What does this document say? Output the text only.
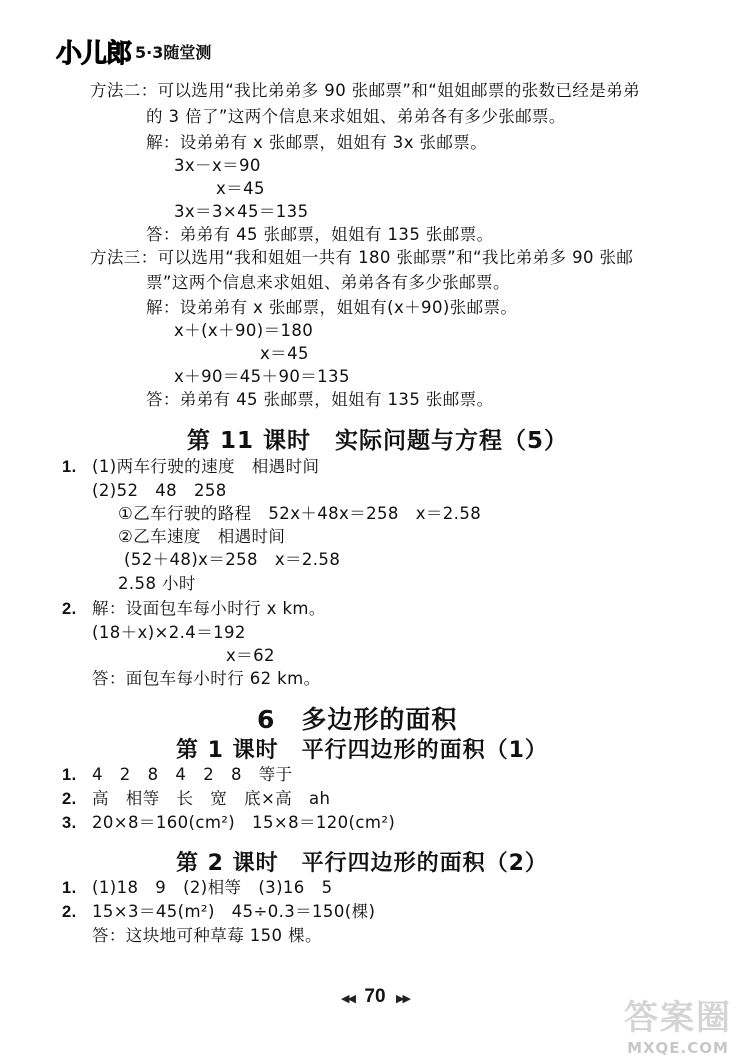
小儿郎 5·3随堂测
方法二：可以选用“我比弟弟多 90 张邮票”和“姐姐邮票的张数已经是弟弟
的 3 倍了”这两个信息来求姐姐、弟弟各有多少张邮票。
解：设弟弟有 x 张邮票，姐姐有 3x 张邮票。
3x－x＝90
x＝45
3x＝3×45＝135
答：弟弟有 45 张邮票，姐姐有 135 张邮票。
方法三：可以选用“我和姐姐一共有 180 张邮票”和“我比弟弟多 90 张邮
票”这两个信息来求姐姐、弟弟各有多少张邮票。
解：设弟弟有 x 张邮票，姐姐有(x＋90)张邮票。
x＋(x＋90)＝180
x＝45
x＋90＝45＋90＝135
答：弟弟有 45 张邮票，姐姐有 135 张邮票。
第 11 课时　实际问题与方程（5）
1. (1)两车行驶的速度　相遇时间
(2)52　48　258
①乙车行驶的路程　52x＋48x＝258　x＝2.58
②乙车速度　相遇时间
(52＋48)x＝258　x＝2.58
2.58 小时
2. 解：设面包车每小时行 x km。
(18＋x)×2.4＝192
x＝62
答：面包车每小时行 62 km。
6　多边形的面积
第 1 课时　平行四边形的面积（1）
1. 4　2　8　4　2　8　等于
2. 高　相等　长　宽　底×高　ah
3. 20×8＝160(cm²)　15×8＝120(cm²)
第 2 课时　平行四边形的面积（2）
1. (1)18　9　(2)相等　(3)16　5
2. 15×3＝45(m²)　45÷0.3＝150(棵)
答：这块地可种草莓 150 棵。
◀◀ 70 ▶▶	答案圈
MXQE.COM
